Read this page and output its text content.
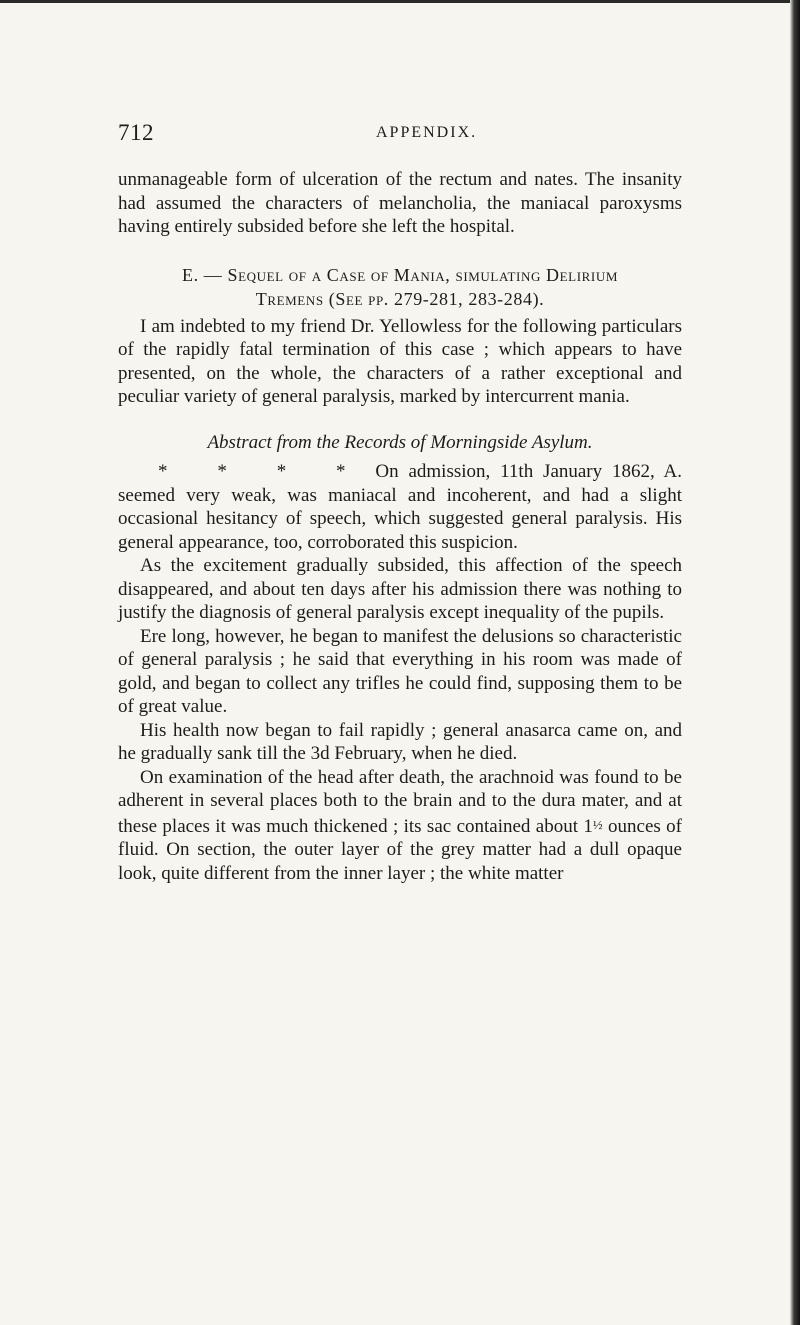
712	APPENDIX.

unmanageable form of ulceration of the rectum and nates. The insanity had assumed the characters of melancholia, the maniacal paroxysms having entirely subsided before she left the hospital.

E. — Sequel of a Case of Mania, simulating Delirium
Tremens (See pp. 279-281, 283-284).

I am indebted to my friend Dr. Yellowless for the following particulars of the rapidly fatal termination of this case ; which appears to have presented, on the whole, the characters of a rather exceptional and peculiar variety of general paralysis, marked by intercurrent mania.

Abstract from the Records of Morningside Asylum.

* * * * On admission, 11th January 1862, A. seemed very weak, was maniacal and incoherent, and had a slight occasional hesitancy of speech, which suggested general paralysis. His general appearance, too, corroborated this suspicion.

As the excitement gradually subsided, this affection of the speech disappeared, and about ten days after his admission there was nothing to justify the diagnosis of general paralysis except inequality of the pupils.

Ere long, however, he began to manifest the delusions so characteristic of general paralysis ; he said that everything in his room was made of gold, and began to collect any trifles he could find, supposing them to be of great value.

His health now began to fail rapidly ; general anasarca came on, and he gradually sank till the 3d February, when he died.

On examination of the head after death, the arachnoid was found to be adherent in several places both to the brain and to the dura mater, and at these places it was much thickened ; its sac contained about 1½ ounces of fluid. On section, the outer layer of the grey matter had a dull opaque look, quite different from the inner layer ; the white matter
